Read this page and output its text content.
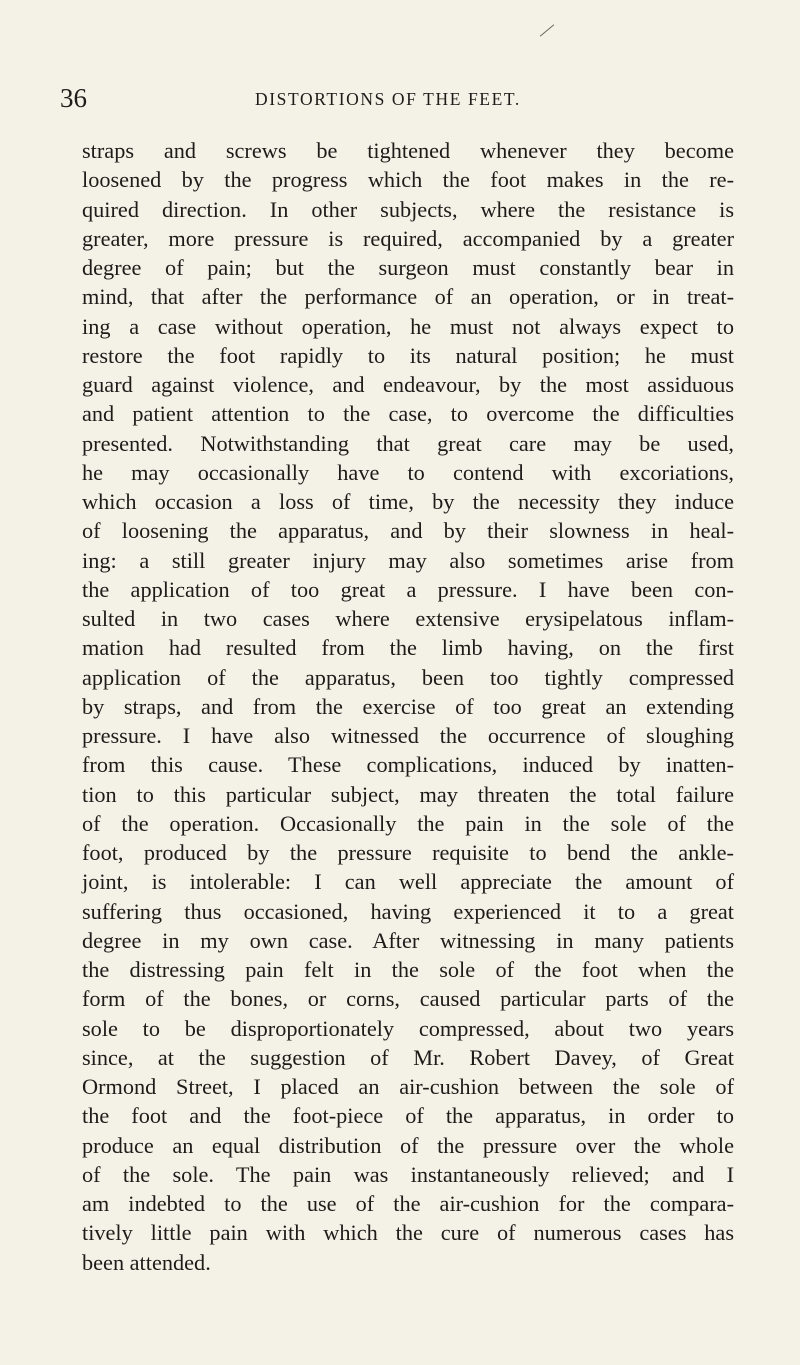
36	DISTORTIONS OF THE FEET.
straps and screws be tightened whenever they become
loosened by the progress which the foot makes in the re-
quired direction. In other subjects, where the resistance is
greater, more pressure is required, accompanied by a greater
degree of pain; but the surgeon must constantly bear in
mind, that after the performance of an operation, or in treat-
ing a case without operation, he must not always expect to
restore the foot rapidly to its natural position; he must
guard against violence, and endeavour, by the most assiduous
and patient attention to the case, to overcome the difficulties
presented. Notwithstanding that great care may be used,
he may occasionally have to contend with excoriations,
which occasion a loss of time, by the necessity they induce
of loosening the apparatus, and by their slowness in heal-
ing: a still greater injury may also sometimes arise from
the application of too great a pressure. I have been con-
sulted in two cases where extensive erysipelatous inflam-
mation had resulted from the limb having, on the first
application of the apparatus, been too tightly compressed
by straps, and from the exercise of too great an extending
pressure. I have also witnessed the occurrence of sloughing
from this cause. These complications, induced by inatten-
tion to this particular subject, may threaten the total failure
of the operation. Occasionally the pain in the sole of the
foot, produced by the pressure requisite to bend the ankle-
joint, is intolerable: I can well appreciate the amount of
suffering thus occasioned, having experienced it to a great
degree in my own case. After witnessing in many patients
the distressing pain felt in the sole of the foot when the
form of the bones, or corns, caused particular parts of the
sole to be disproportionately compressed, about two years
since, at the suggestion of Mr. Robert Davey, of Great
Ormond Street, I placed an air-cushion between the sole of
the foot and the foot-piece of the apparatus, in order to
produce an equal distribution of the pressure over the whole
of the sole. The pain was instantaneously relieved; and I
am indebted to the use of the air-cushion for the compara-
tively little pain with which the cure of numerous cases has
been attended.
